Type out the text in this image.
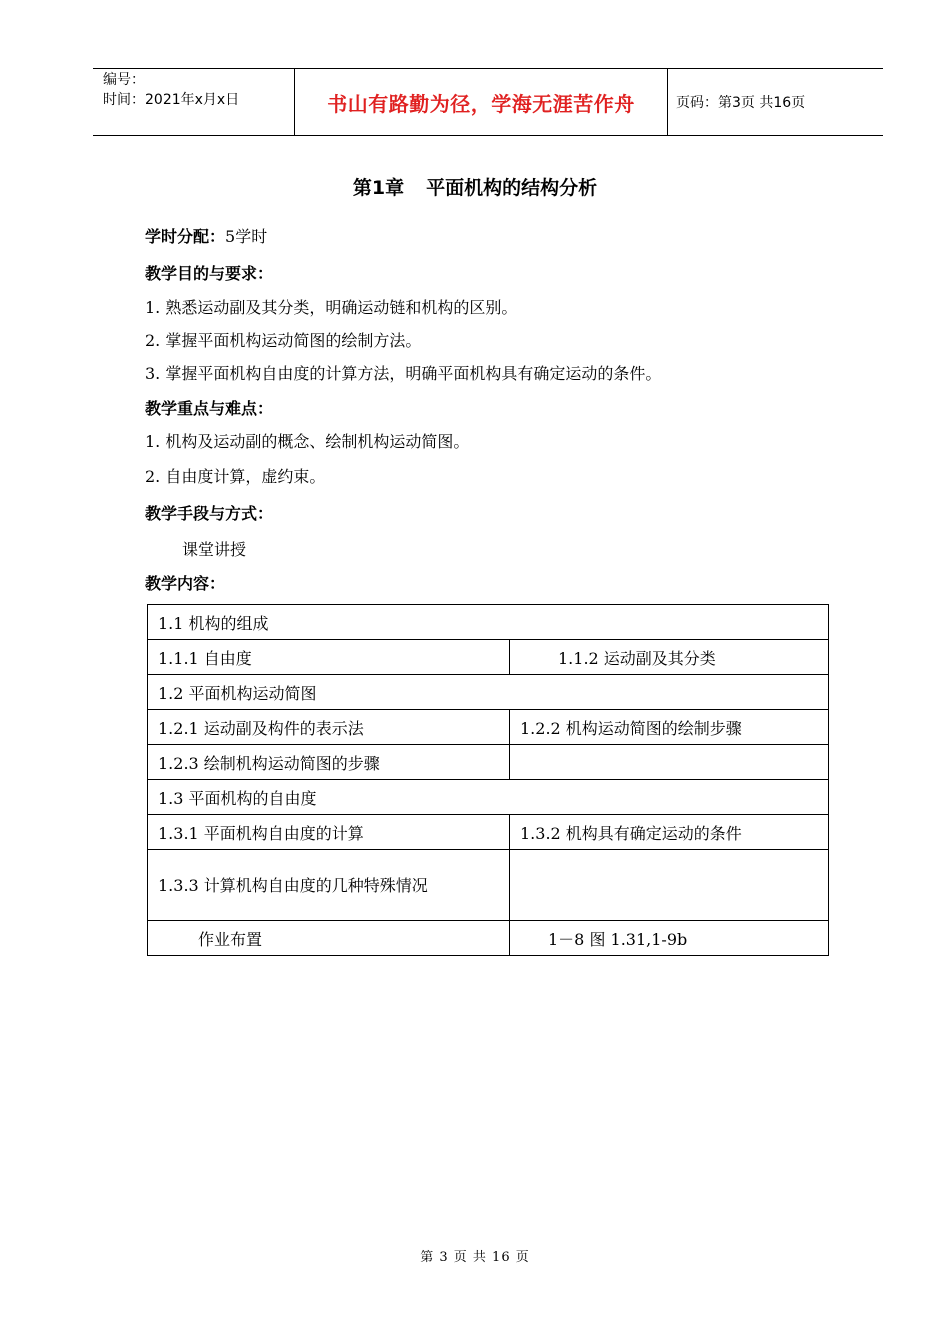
编号：
时间：2021年x月x日	书山有路勤为径，学海无涯苦作舟	页码：第3页 共16页
第1章 平面机构的结构分析
学时分配：5学时
教学目的与要求：
1. 熟悉运动副及其分类，明确运动链和机构的区别。
2. 掌握平面机构运动简图的绘制方法。
3. 掌握平面机构自由度的计算方法，明确平面机构具有确定运动的条件。
教学重点与难点：
1. 机构及运动副的概念、绘制机构运动简图。
2. 自由度计算，虚约束。
教学手段与方式：
课堂讲授
教学内容：
1.1 机构的组成	
1.1.1 自由度	1.1.2 运动副及其分类
1.2 平面机构运动简图	
1.2.1 运动副及构件的表示法	1.2.2 机构运动简图的绘制步骤
1.2.3 绘制机构运动简图的步骤	
1.3 平面机构的自由度	
1.3.1 平面机构自由度的计算	1.3.2 机构具有确定运动的条件
1.3.3 计算机构自由度的几种特殊情况	
作业布置	1－8 图 1.31,1-9b
第 3 页 共 16 页
